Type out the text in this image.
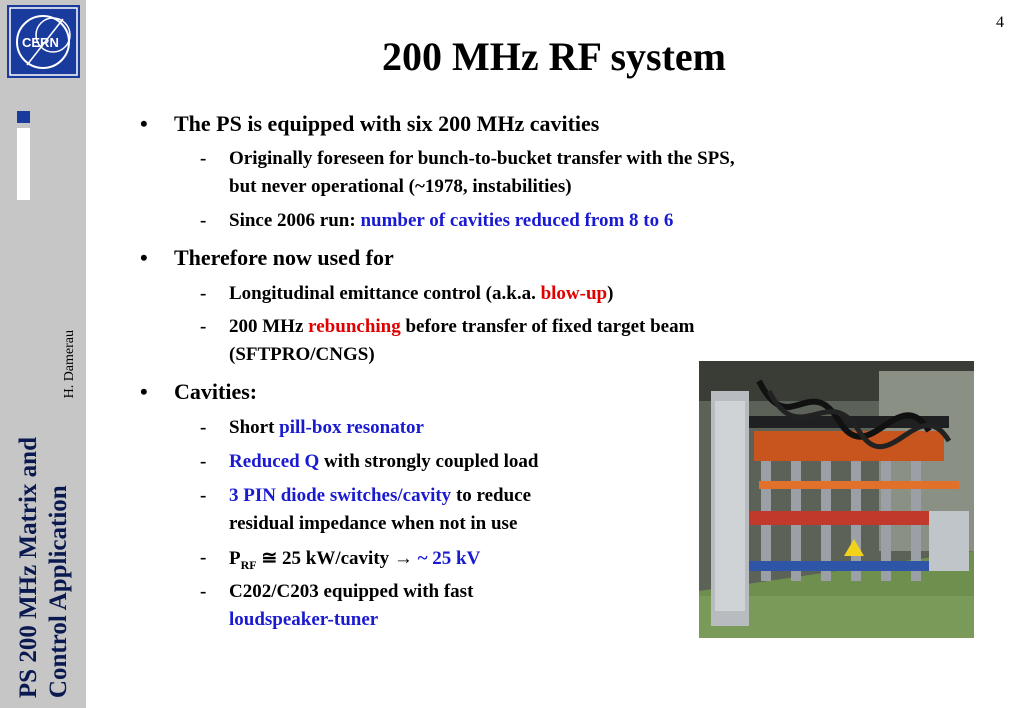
CERN
PS 200 MHz Matrix and Control Application
H. Damerau
4
200 MHz RF system
• The PS is equipped with six 200 MHz cavities
- Originally foreseen for bunch-to-bucket transfer with the SPS,
but never operational (~1978, instabilities)
- Since 2006 run: number of cavities reduced from 8 to 6
• Therefore now used for
- Longitudinal emittance control (a.k.a. blow-up)
- 200 MHz rebunching before transfer of fixed target beam
(SFTPRO/CNGS)
• Cavities:
- Short pill-box resonator
- Reduced Q with strongly coupled load
- 3 PIN diode switches/cavity to reduce
residual impedance when not in use
- $P_{RF}$ ≅ 25 kW/cavity → ~ 25 kV
- C202/C203 equipped with fast
loudspeaker-tuner
